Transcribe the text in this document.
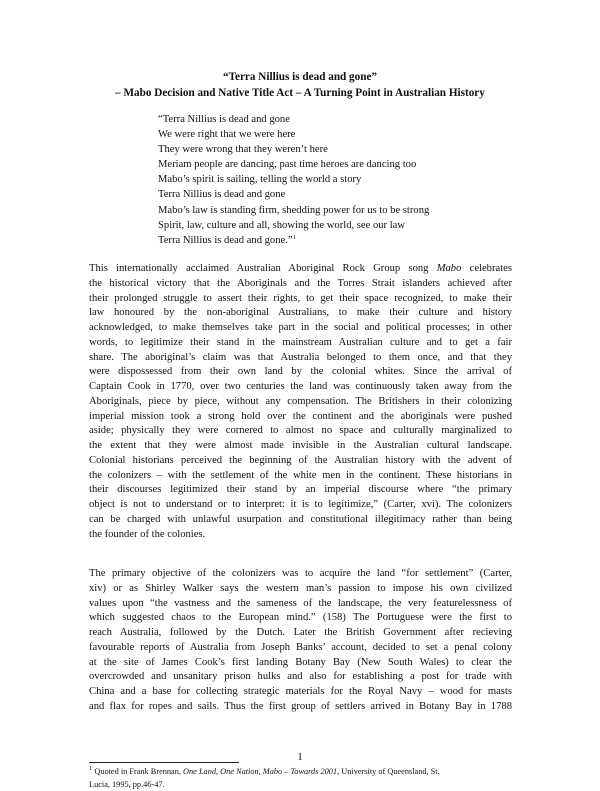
“Terra Nillius is dead and gone”
– Mabo Decision and Native Title Act – A Turning Point in Australian History
“Terra Nillius is dead and gone
We were right that we were here
They were wrong that they weren’t here
Meriam people are dancing, past time heroes are dancing too
Mabo’s spirit is sailing, telling the world a story
Terra Nillius is dead and gone
Mabo’s law is standing firm, shedding power for us to be strong
Spirit, law, culture and all, showing the world, see our law
Terra Nillius is dead and gone.”$^1$
This internationally acclaimed Australian Aboriginal Rock Group song Mabo celebrates
the historical victory that the Aboriginals and the Torres Strait islanders achieved after
their prolonged struggle to assert their rights, to get their space recognized, to make their
law honoured by the non-aboriginal Australians, to make their culture and history
acknowledged, to make themselves take part in the social and political processes; in other
words, to legitimize their stand in the mainstream Australian culture and to get a fair
share. The aboriginal’s claim was that Australia belonged to them once, and that they
were dispossessed from their own land by the colonial whites. Since the arrival of
Captain Cook in 1770, over two centuries the land was continuously taken away from the
Aboriginals, piece by piece, without any compensation. The Britishers in their colonizing
imperial mission took a strong hold over the continent and the aboriginals were pushed
aside; physically they were cornered to almost no space and culturally marginalized to
the extent that they were almost made invisible in the Australian cultural landscape.
Colonial historians perceived the beginning of the Australian history with the advent of
the colonizers – with the settlement of the white men in the continent. These historians in
their discourses legitimized their stand by an imperial discourse where “the primary
object is not to understand or to interpret: it is to legitimize,” (Carter, xvi). The colonizers
can be charged with unlawful usurpation and constitutional illegitimacy rather than being
the founder of the colonies.
The primary objective of the colonizers was to acquire the land “for settlement” (Carter,
xiv) or as Shirley Walker says the western man’s passion to impose his own civilized
values upon “the vastness and the sameness of the landscape, the very featurelessness of
which suggested chaos to the European mind.” (158) The Portuguese were the first to
reach Australia, followed by the Dutch. Later the British Government after recieving
favourable reports of Australia from Joseph Banks’ account, decided to set a penal colony
at the site of James Cook’s first landing Botany Bay (New South Wales) to clear the
overcrowded and unsanitary prison hulks and also for establishing a post for trade with
China and a base for collecting strategic materials for the Royal Navy – wood for masts
and flax for ropes and sails. Thus the first group of settlers arrived in Botany Bay in 1788
1
$^1$ Quoted in Frank Brennan, One Land, One Nation, Mabo – Towards 2001, University of Queensland, St.
Lucia, 1995, pp.46-47.
